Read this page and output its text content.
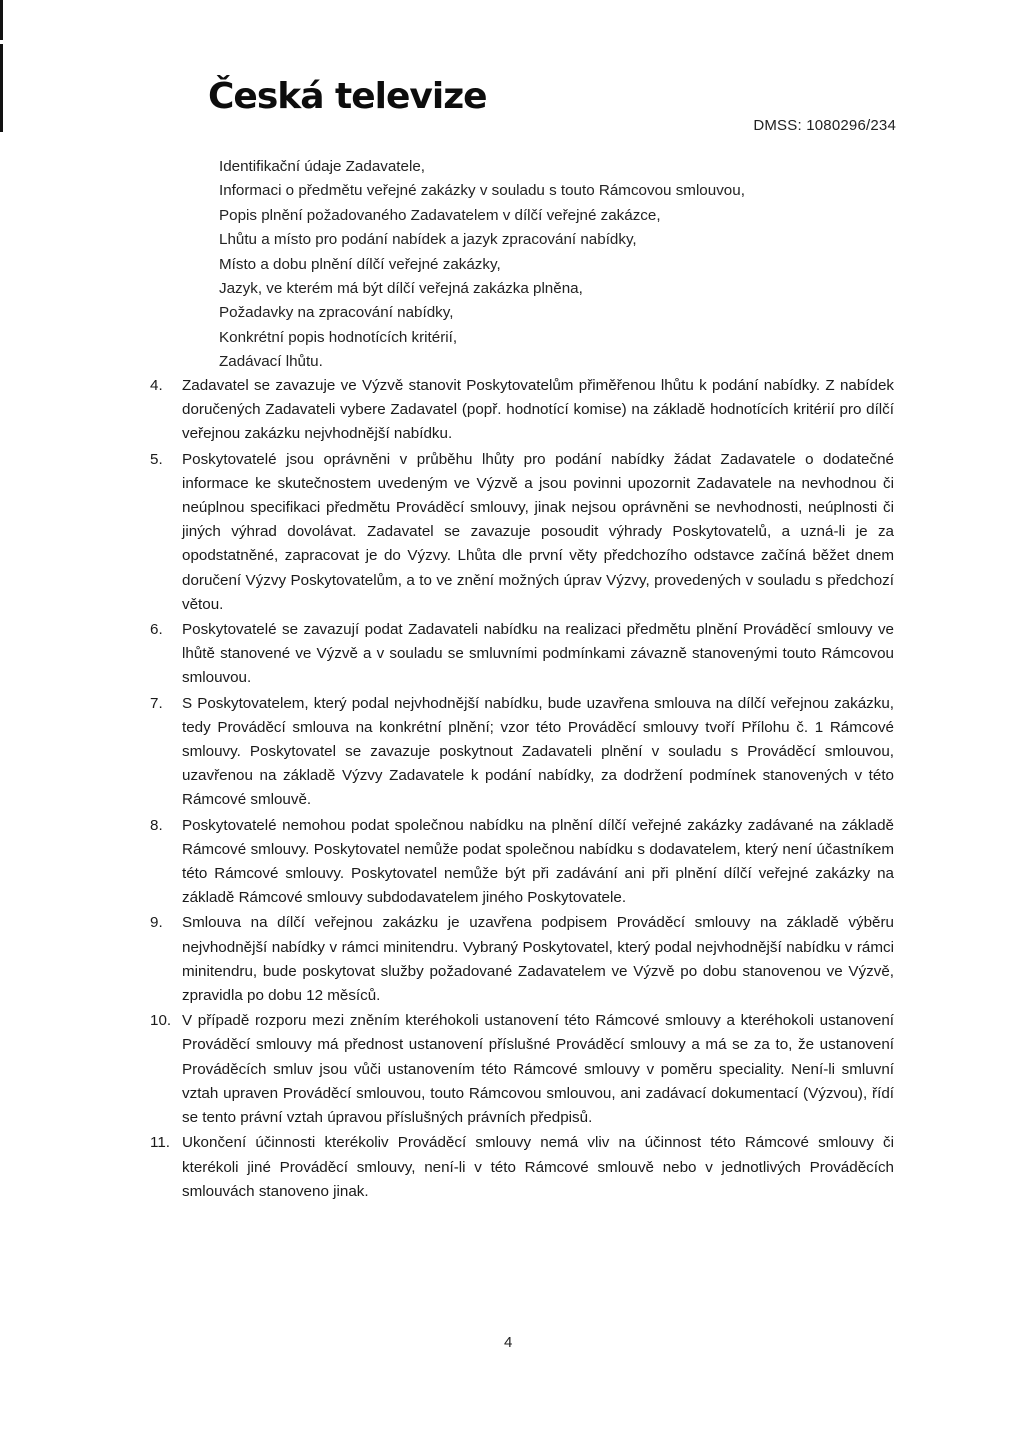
Česká televize
DMSS: 1080296/234
Identifikační údaje Zadavatele,
Informaci o předmětu veřejné zakázky v souladu s touto Rámcovou smlouvou,
Popis plnění požadovaného Zadavatelem v dílčí veřejné zakázce,
Lhůtu a místo pro podání nabídek a jazyk zpracování nabídky,
Místo a dobu plnění dílčí veřejné zakázky,
Jazyk, ve kterém má být dílčí veřejná zakázka plněna,
Požadavky na zpracování nabídky,
Konkrétní popis hodnotících kritérií,
Zadávací lhůtu.
4.	Zadavatel se zavazuje ve Výzvě stanovit Poskytovatelům přiměřenou lhůtu k podání nabídky. Z nabídek doručených Zadavateli vybere Zadavatel (popř. hodnotící komise) na základě hodnotících kritérií pro dílčí veřejnou zakázku nejvhodnější nabídku.
5.	Poskytovatelé jsou oprávněni v průběhu lhůty pro podání nabídky žádat Zadavatele o dodatečné informace ke skutečnostem uvedeným ve Výzvě a jsou povinni upozornit Zadavatele na nevhodnou či neúplnou specifikaci předmětu Prováděcí smlouvy, jinak nejsou oprávněni se nevhodnosti, neúplnosti či jiných výhrad dovolávat. Zadavatel se zavazuje posoudit výhrady Poskytovatelů, a uzná-li je za opodstatněné, zapracovat je do Výzvy. Lhůta dle první věty předchozího odstavce začíná běžet dnem doručení Výzvy Poskytovatelům, a to ve znění možných úprav Výzvy, provedených v souladu s předchozí větou.
6.	Poskytovatelé se zavazují podat Zadavateli nabídku na realizaci předmětu plnění Prováděcí smlouvy ve lhůtě stanovené ve Výzvě a v souladu se smluvními podmínkami závazně stanovenými touto Rámcovou smlouvou.
7.	S Poskytovatelem, který podal nejvhodnější nabídku, bude uzavřena smlouva na dílčí veřejnou zakázku, tedy Prováděcí smlouva na konkrétní plnění; vzor této Prováděcí smlouvy tvoří Přílohu č. 1 Rámcové smlouvy. Poskytovatel se zavazuje poskytnout Zadavateli plnění v souladu s Prováděcí smlouvou, uzavřenou na základě Výzvy Zadavatele k podání nabídky, za dodržení podmínek stanovených v této Rámcové smlouvě.
8.	Poskytovatelé nemohou podat společnou nabídku na plnění dílčí veřejné zakázky zadávané na základě Rámcové smlouvy. Poskytovatel nemůže podat společnou nabídku s dodavatelem, který není účastníkem této Rámcové smlouvy. Poskytovatel nemůže být při zadávání ani při plnění dílčí veřejné zakázky na základě Rámcové smlouvy subdodavatelem jiného Poskytovatele.
9.	Smlouva na dílčí veřejnou zakázku je uzavřena podpisem Prováděcí smlouvy na základě výběru nejvhodnější nabídky v rámci minitendru. Vybraný Poskytovatel, který podal nejvhodnější nabídku v rámci minitendru, bude poskytovat služby požadované Zadavatelem ve Výzvě po dobu stanovenou ve Výzvě, zpravidla po dobu 12 měsíců.
10. V případě rozporu mezi zněním kteréhokoli ustanovení této Rámcové smlouvy a kteréhokoli ustanovení Prováděcí smlouvy má přednost ustanovení příslušné Prováděcí smlouvy a má se za to, že ustanovení Prováděcích smluv jsou vůči ustanovením této Rámcové smlouvy v poměru speciality. Není-li smluvní vztah upraven Prováděcí smlouvou, touto Rámcovou smlouvou, ani zadávací dokumentací (Výzvou), řídí se tento právní vztah úpravou příslušných právních předpisů.
11. Ukončení účinnosti kterékoliv Prováděcí smlouvy nemá vliv na účinnost této Rámcové smlouvy či kterékoli jiné Prováděcí smlouvy, není-li v této Rámcové smlouvě nebo v jednotlivých Prováděcích smlouvách stanoveno jinak.
4
